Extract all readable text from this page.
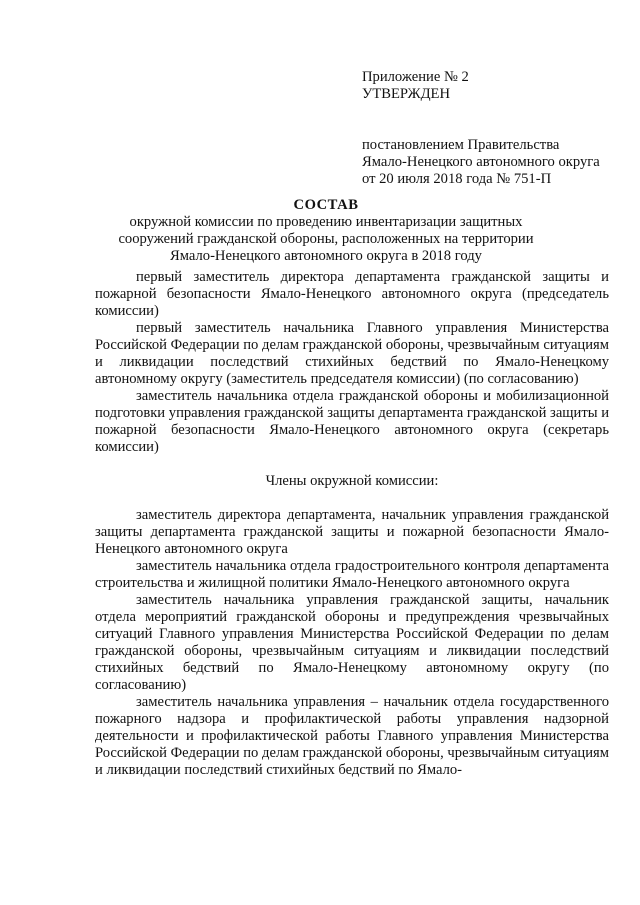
Приложение № 2
УТВЕРЖДЕН
постановлением Правительства
Ямало-Ненецкого автономного округа
от 20 июля 2018 года № 751-П
СОСТАВ
окружной комиссии по проведению инвентаризации защитных сооружений гражданской обороны, расположенных на территории Ямало-Ненецкого автономного округа в 2018 году

первый заместитель директора департамента гражданской защиты и пожарной безопасности Ямало-Ненецкого автономного округа (председатель комиссии)

первый заместитель начальника Главного управления Министерства Российской Федерации по делам гражданской обороны, чрезвычайным ситуациям и ликвидации последствий стихийных бедствий по Ямало-Ненецкому автономному округу (заместитель председателя комиссии) (по согласованию)

заместитель начальника отдела гражданской обороны и мобилизационной подготовки управления гражданской защиты департамента гражданской защиты и пожарной безопасности Ямало-Ненецкого автономного округа (секретарь комиссии)

Члены окружной комиссии:

заместитель директора департамента, начальник управления гражданской защиты департамента гражданской защиты и пожарной безопасности Ямало-Ненецкого автономного округа

заместитель начальника отдела градостроительного контроля департамента строительства и жилищной политики Ямало-Ненецкого автономного округа

заместитель начальника управления гражданской защиты, начальник отдела мероприятий гражданской обороны и предупреждения чрезвычайных ситуаций Главного управления Министерства Российской Федерации по делам гражданской обороны, чрезвычайным ситуациям и ликвидации последствий стихийных бедствий по Ямало-Ненецкому автономному округу (по согласованию)

заместитель начальника управления – начальник отдела государственного пожарного надзора и профилактической работы управления надзорной деятельности и профилактической работы Главного управления Министерства Российской Федерации по делам гражданской обороны, чрезвычайным ситуациям и ликвидации последствий стихийных бедствий по Ямало-
